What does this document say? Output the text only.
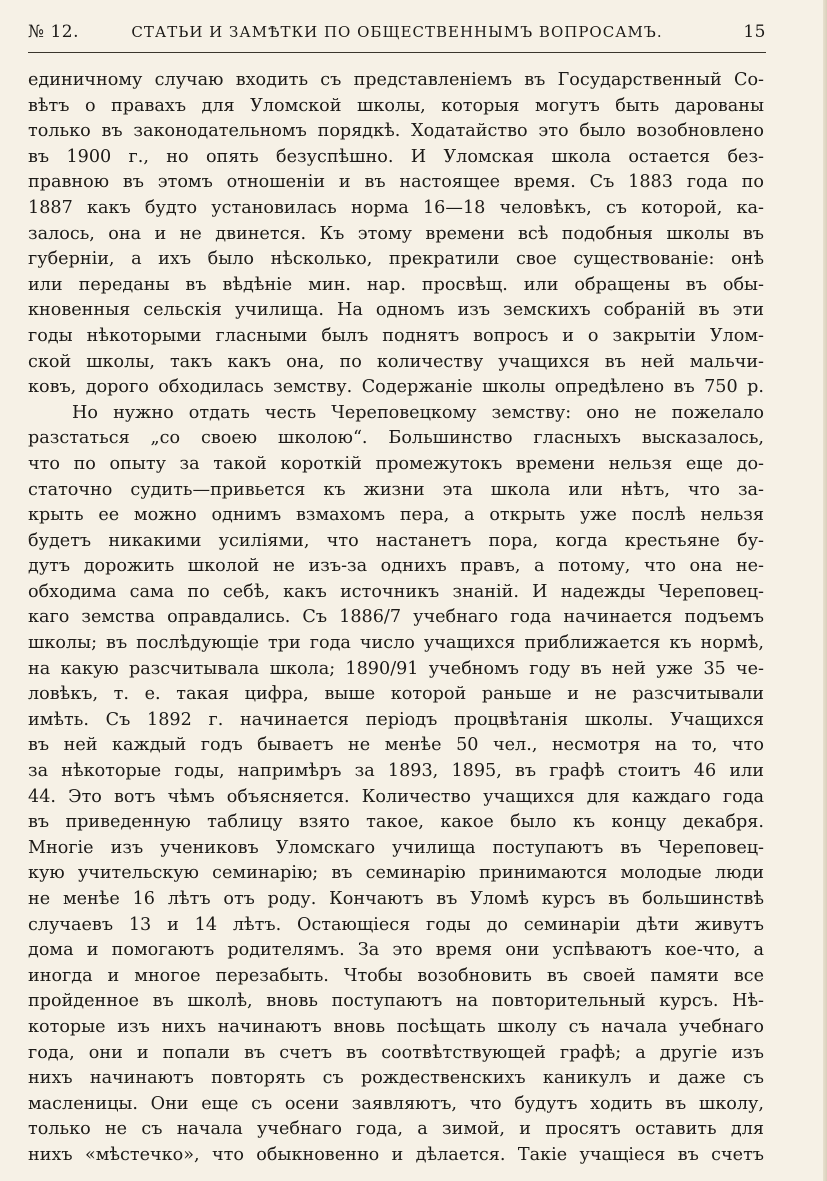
№ 12.	СТАТЬИ И ЗАМѢТКИ ПО ОБЩЕСТВЕННЫМЪ ВОПРОСАМЪ.	15
единичному случаю входить съ представленіемъ въ Государственный Со-
вѣтъ о правахъ для Уломской школы, которыя могутъ быть дарованы
только въ законодательномъ порядкѣ. Ходатайство это было возобновлено
въ 1900 г., но опять безуспѣшно. И Уломская школа остается без-
правною въ этомъ отношеніи и въ настоящее время. Съ 1883 года по
1887 какъ будто установилась норма 16—18 человѣкъ, съ которой, ка-
залось, она и не двинется. Къ этому времени всѣ подобныя школы въ
губерніи, а ихъ было нѣсколько, прекратили свое существованіе: онѣ
или переданы въ вѣдѣніе мин. нар. просвѣщ. или обращены въ обы-
кновенныя сельскія училища. На одномъ изъ земскихъ собраній въ эти
годы нѣкоторыми гласными былъ поднятъ вопросъ и о закрытіи Улом-
ской школы, такъ какъ она, по количеству учащихся въ ней мальчи-
ковъ, дорого обходилась земству. Содержаніе школы опредѣлено въ 750 р.
Но нужно отдать честь Череповецкому земству: оно не пожелало
разстаться „со своею школою“. Большинство гласныхъ высказалось,
что по опыту за такой короткій промежутокъ времени нельзя еще до-
статочно судить—привьется къ жизни эта школа или нѣтъ, что за-
крыть ее можно однимъ взмахомъ пера, а открыть уже послѣ нельзя
будетъ никакими усиліями, что настанетъ пора, когда крестьяне бу-
дутъ дорожить школой не изъ-за однихъ правъ, а потому, что она не-
обходима сама по себѣ, какъ источникъ знаній. И надежды Череповец-
каго земства оправдались. Съ 1886/7 учебнаго года начинается подъемъ
школы; въ послѣдующіе три года число учащихся приближается къ нормѣ,
на какую разсчитывала школа; 1890/91 учебномъ году въ ней уже 35 че-
ловѣкъ, т. е. такая цифра, выше которой раньше и не разсчитывали
имѣть. Съ 1892 г. начинается періодъ процвѣтанія школы. Учащихся
въ ней каждый годъ бываетъ не менѣе 50 чел., несмотря на то, что
за нѣкоторые годы, напримѣръ за 1893, 1895, въ графѣ стоитъ 46 или
44. Это вотъ чѣмъ объясняется. Количество учащихся для каждаго года
въ приведенную таблицу взято такое, какое было къ концу декабря.
Многіе изъ учениковъ Уломскаго училища поступаютъ въ Череповец-
кую учительскую семинарію; въ семинарію принимаются молодые люди
не менѣе 16 лѣтъ отъ роду. Кончаютъ въ Уломѣ курсъ въ большинствѣ
случаевъ 13 и 14 лѣтъ. Остающіеся годы до семинаріи дѣти живутъ
дома и помогаютъ родителямъ. За это время они успѣваютъ кое-что, а
иногда и многое перезабыть. Чтобы возобновить въ своей памяти все
пройденное въ школѣ, вновь поступаютъ на повторительный курсъ. Нѣ-
которые изъ нихъ начинаютъ вновь посѣщать школу съ начала учебнаго
года, они и попали въ счетъ въ соотвѣтствующей графѣ; а другіе изъ
нихъ начинаютъ повторять съ рождественскихъ каникулъ и даже съ
масленицы. Они еще съ осени заявляютъ, что будутъ ходить въ школу,
только не съ начала учебнаго года, а зимой, и просятъ оставить для
нихъ «мѣстечко», что обыкновенно и дѣлается. Такіе учащіеся въ счетъ
